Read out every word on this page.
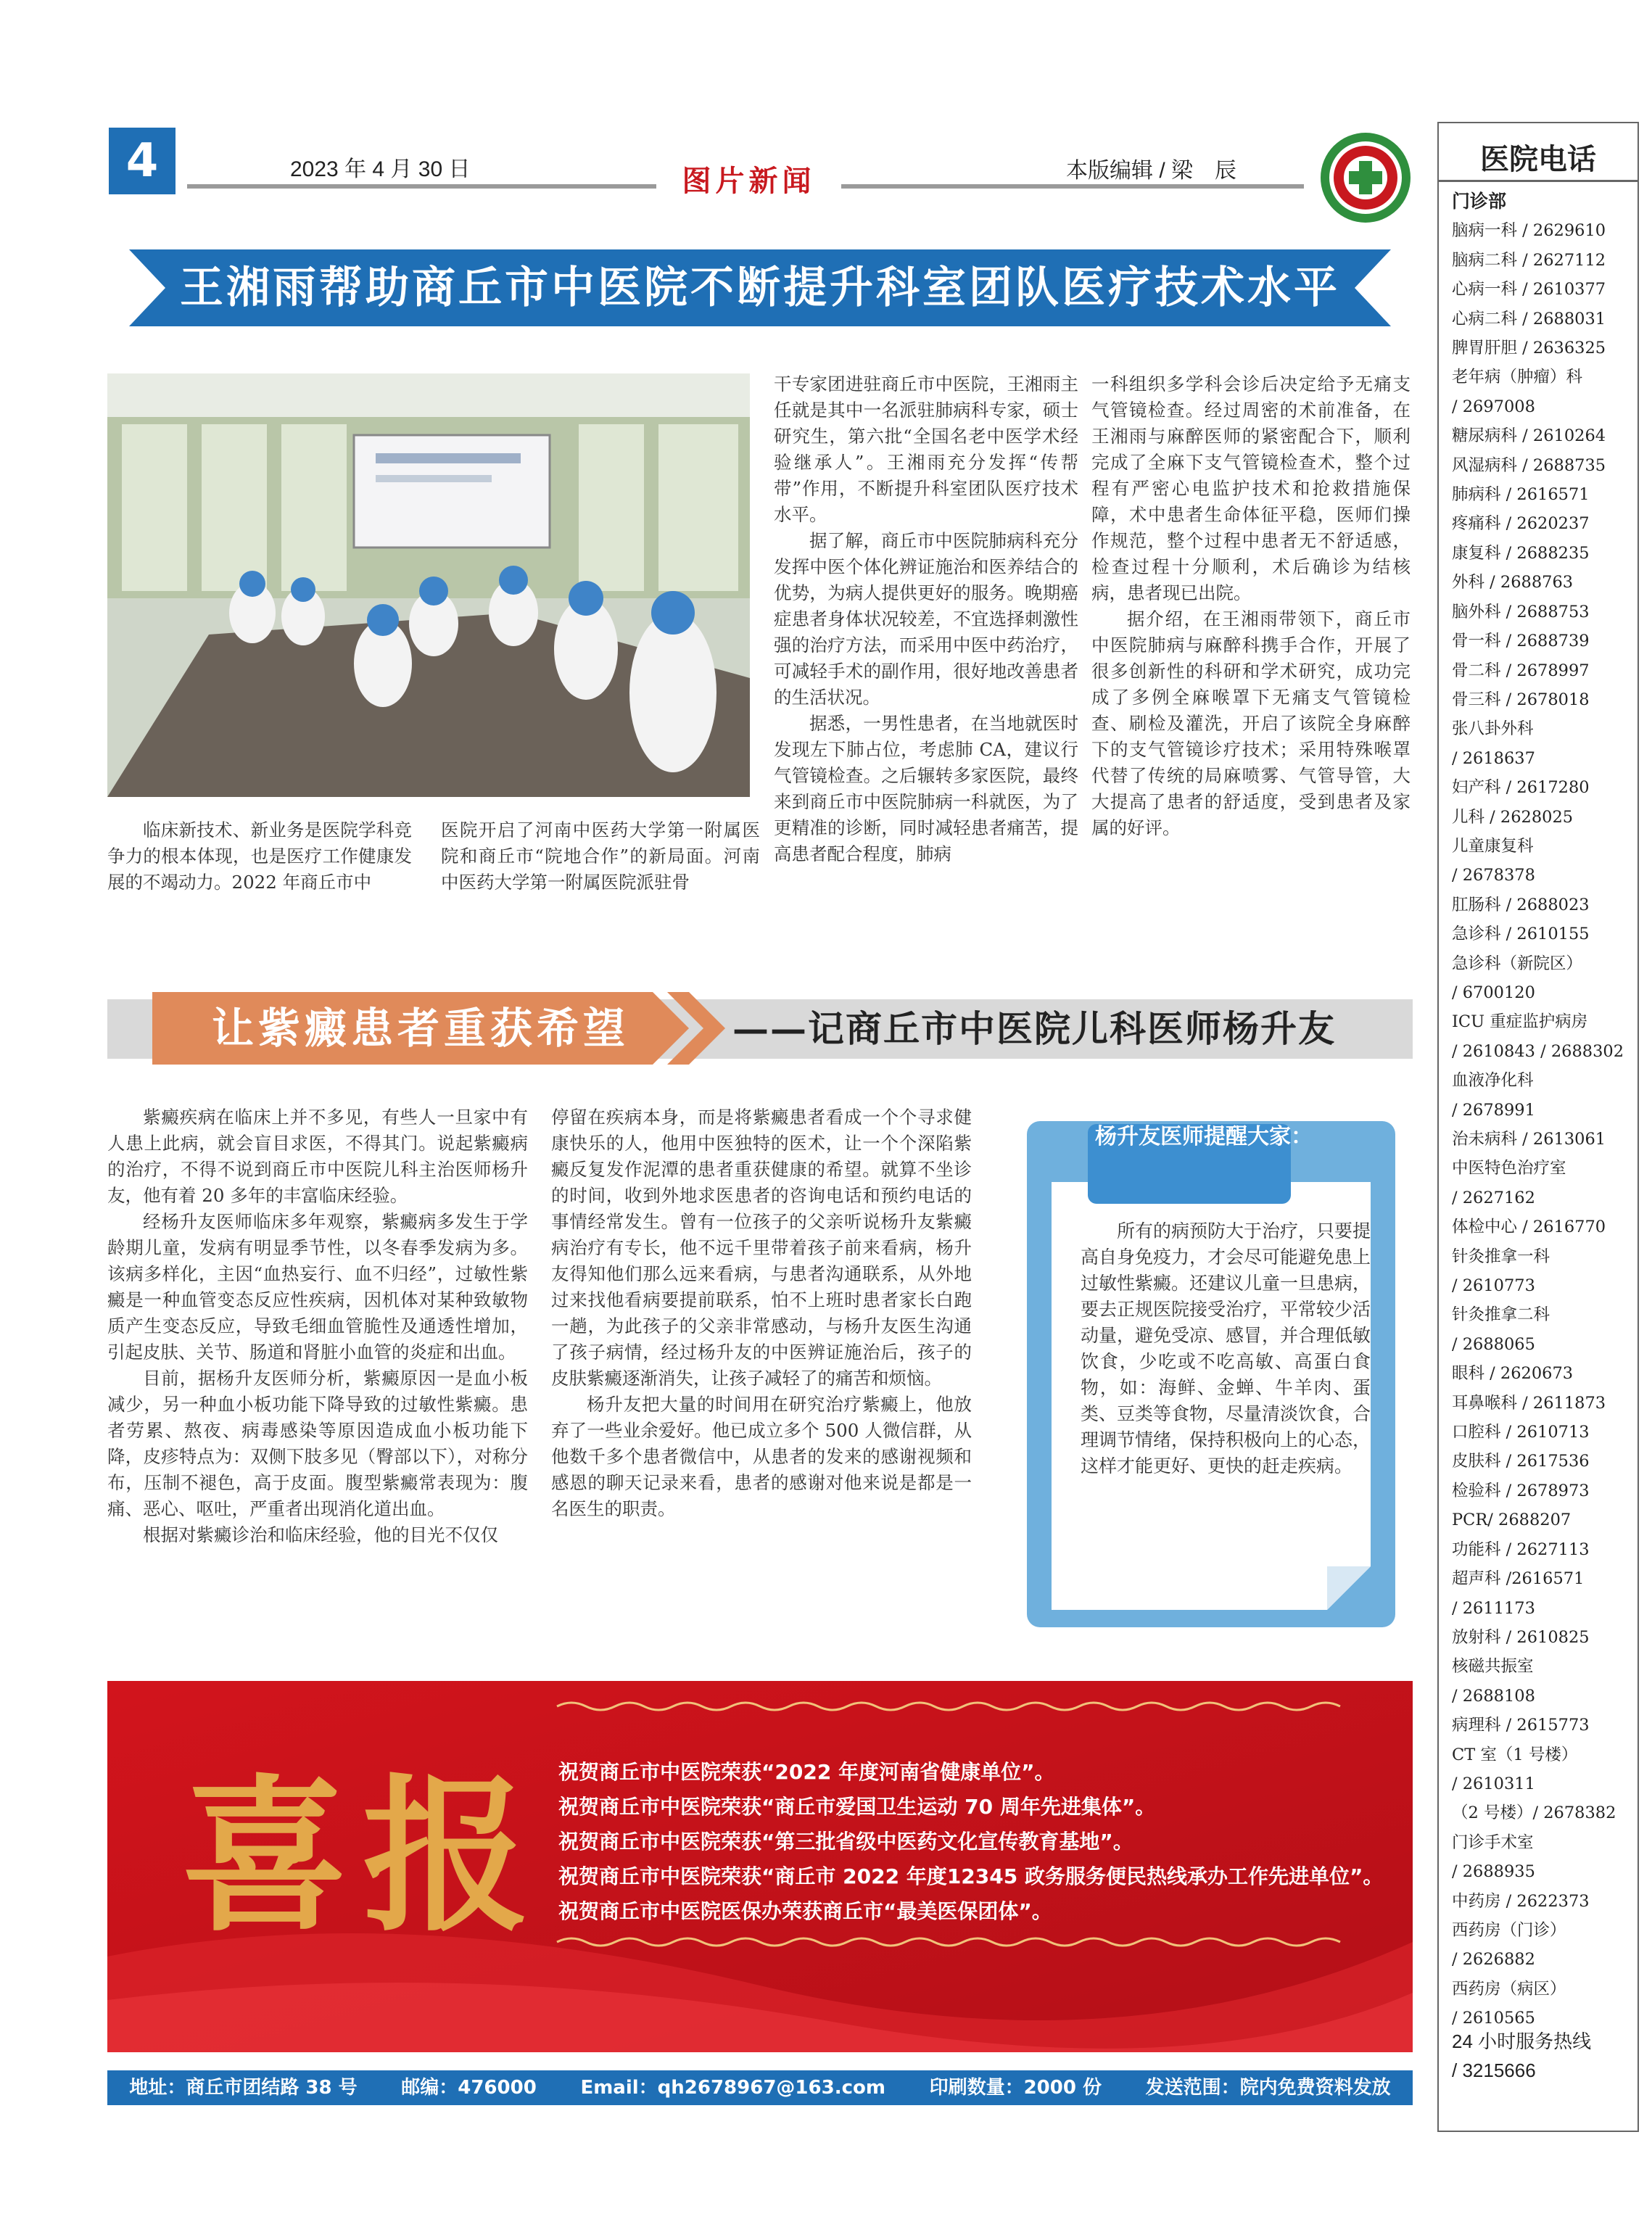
4	2023 年 4 月 30 日	图片新闻	本版编辑 / 梁　辰
王湘雨帮助商丘市中医院不断提升科室团队医疗技术水平

临床新技术、新业务是医院学科竞争力的根本体现，也是医疗工作健康发展的不竭动力。2022 年商丘市中

医院开启了河南中医药大学第一附属医院和商丘市“院地合作”的新局面。河南中医药大学第一附属医院派驻骨

干专家团进驻商丘市中医院，王湘雨主任就是其中一名派驻肺病科专家，硕士研究生，第六批“全国名老中医学术经验继承人”。王湘雨充分发挥“传帮带”作用，不断提升科室团队医疗技术水平。

据了解，商丘市中医院肺病科充分发挥中医个体化辨证施治和医养结合的优势，为病人提供更好的服务。晚期癌症患者身体状况较差，不宜选择刺激性强的治疗方法，而采用中医中药治疗，可减轻手术的副作用，很好地改善患者的生活状况。

据悉，一男性患者，在当地就医时发现左下肺占位，考虑肺 CA，建议行气管镜检查。之后辗转多家医院，最终来到商丘市中医院肺病一科就医，为了更精准的诊断，同时减轻患者痛苦，提高患者配合程度，肺病

一科组织多学科会诊后决定给予无痛支气管镜检查。经过周密的术前准备，在王湘雨与麻醉医师的紧密配合下，顺利完成了全麻下支气管镜检查术，整个过程有严密心电监护技术和抢救措施保障，术中患者生命体征平稳，医师们操作规范，整个过程中患者无不舒适感，检查过程十分顺利，术后确诊为结核病，患者现已出院。

据介绍，在王湘雨带领下，商丘市中医院肺病与麻醉科携手合作，开展了很多创新性的科研和学术研究，成功完成了多例全麻喉罩下无痛支气管镜检查、刷检及灌洗，开启了该院全身麻醉下的支气管镜诊疗技术；采用特殊喉罩代替了传统的局麻喷雾、气管导管，大大提高了患者的舒适度，受到患者及家属的好评。

让紫癜患者重获希望	——记商丘市中医院儿科医师杨升友

紫癜疾病在临床上并不多见，有些人一旦家中有人患上此病，就会盲目求医，不得其门。说起紫癜病的治疗，不得不说到商丘市中医院儿科主治医师杨升友，他有着 20 多年的丰富临床经验。

经杨升友医师临床多年观察，紫癜病多发生于学龄期儿童，发病有明显季节性，以冬春季发病为多。该病多样化，主因“血热妄行、血不归经”，过敏性紫癜是一种血管变态反应性疾病，因机体对某种致敏物质产生变态反应，导致毛细血管脆性及通透性增加，引起皮肤、关节、肠道和肾脏小血管的炎症和出血。

目前，据杨升友医师分析，紫癜原因一是血小板减少，另一种血小板功能下降导致的过敏性紫癜。患者劳累、熬夜、病毒感染等原因造成血小板功能下降，皮疹特点为：双侧下肢多见（臀部以下），对称分布，压制不褪色，高于皮面。腹型紫癜常表现为：腹痛、恶心、呕吐，严重者出现消化道出血。

根据对紫癜诊治和临床经验，他的目光不仅仅

停留在疾病本身，而是将紫癜患者看成一个个寻求健康快乐的人，他用中医独特的医术，让一个个深陷紫癜反复发作泥潭的患者重获健康的希望。就算不坐诊的时间，收到外地求医患者的咨询电话和预约电话的事情经常发生。曾有一位孩子的父亲听说杨升友紫癜病治疗有专长，他不远千里带着孩子前来看病，杨升友得知他们那么远来看病，与患者沟通联系，从外地过来找他看病要提前联系，怕不上班时患者家长白跑一趟，为此孩子的父亲非常感动，与杨升友医生沟通了孩子病情，经过杨升友的中医辨证施治后，孩子的皮肤紫癜逐渐消失，让孩子减轻了的痛苦和烦恼。

杨升友把大量的时间用在研究治疗紫癜上，他放弃了一些业余爱好。他已成立多个 500 人微信群，从他数千多个患者微信中，从患者的发来的感谢视频和感恩的聊天记录来看，患者的感谢对他来说是都是一名医生的职责。

杨升友医师提醒大家：

所有的病预防大于治疗，只要提高自身免疫力，才会尽可能避免患上过敏性紫癜。还建议儿童一旦患病，要去正规医院接受治疗，平常较少活动量，避免受凉、感冒，并合理低敏饮食，少吃或不吃高敏、高蛋白食物，如：海鲜、金蝉、牛羊肉、蛋类、豆类等食物，尽量清淡饮食，合理调节情绪，保持积极向上的心态，这样才能更好、更快的赶走疾病。

喜报 祝贺商丘市中医院荣获“2022 年度河南省健康单位”。
祝贺商丘市中医院荣获“商丘市爱国卫生运动 70 周年先进集体”。
祝贺商丘市中医院荣获“第三批省级中医药文化宣传教育基地”。
祝贺商丘市中医院荣获“商丘市 2022 年度12345 政务服务便民热线承办工作先进单位”。
祝贺商丘市中医院医保办荣获商丘市“最美医保团体”。
地址：商丘市团结路 38 号 邮编：476000 Email：qh2678967@163.com 印刷数量：2000 份 发送范围：院内免费资料发放
医院电话
门诊部
脑病一科 / 2629610
脑病二科 / 2627112
心病一科 / 2610377
心病二科 / 2688031
脾胃肝胆 / 2636325
老年病（肿瘤）科
/ 2697008
糖尿病科 / 2610264
风湿病科 / 2688735
肺病科 / 2616571
疼痛科 / 2620237
康复科 / 2688235
外科 / 2688763
脑外科 / 2688753
骨一科 / 2688739
骨二科 / 2678997
骨三科 / 2678018
张八卦外科
/ 2618637
妇产科 / 2617280
儿科 / 2628025
儿童康复科
/ 2678378
肛肠科 / 2688023
急诊科 / 2610155
急诊科（新院区）
/ 6700120
ICU 重症监护病房
/ 2610843 / 2688302
血液净化科
/ 2678991
治未病科 / 2613061
中医特色治疗室
/ 2627162
体检中心 / 2616770
针灸推拿一科
/ 2610773
针灸推拿二科
/ 2688065
眼科 / 2620673
耳鼻喉科 / 2611873
口腔科 / 2610713
皮肤科 / 2617536
检验科 / 2678973
PCR/ 2688207
功能科 / 2627113
超声科 /2616571
/ 2611173
放射科 / 2610825
核磁共振室
/ 2688108
病理科 / 2615773
CT 室（1 号楼）
/ 2610311
（2 号楼）/ 2678382
门诊手术室
/ 2688935
中药房 / 2622373
西药房（门诊）
/ 2626882
西药房（病区）
/ 2610565
24 小时服务热线
/ 3215666
